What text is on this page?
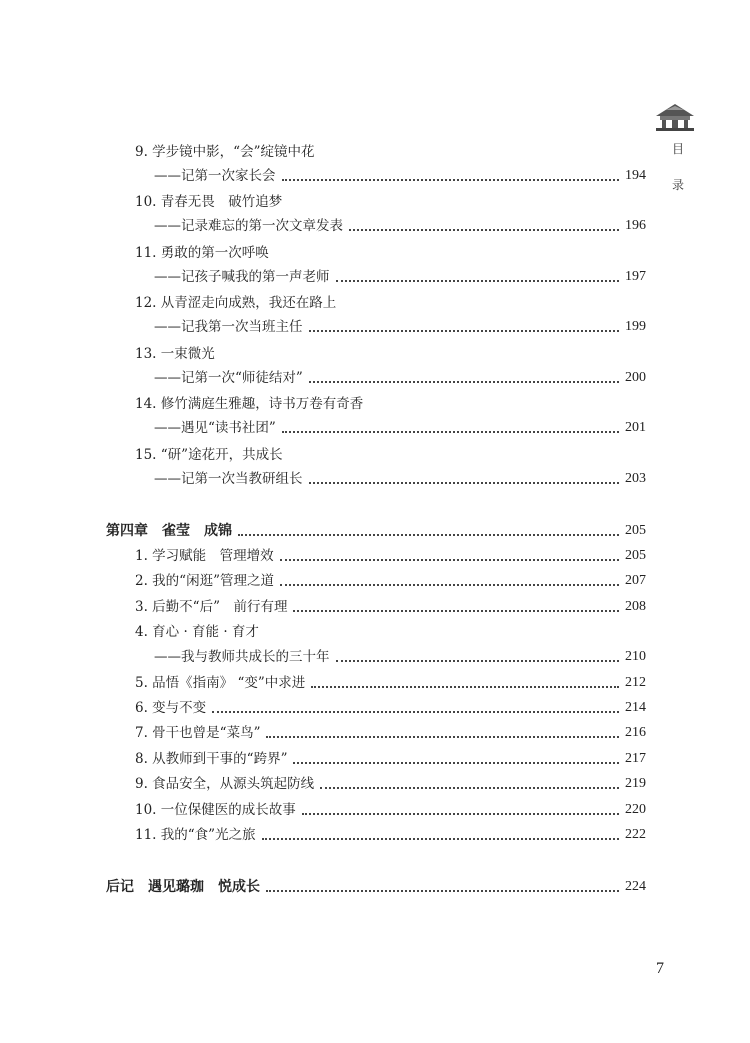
目
录
9. 学步镜中影，“会”绽镜中花
——记第一次家长会	194
10. 青春无畏　破竹追梦
——记录难忘的第一次文章发表	196
11. 勇敢的第一次呼唤
——记孩子喊我的第一声老师	197
12. 从青涩走向成熟，我还在路上
——记我第一次当班主任	199
13. 一束微光
——记第一次“师徒结对”	200
14. 修竹满庭生雅趣，诗书万卷有奇香
——遇见“读书社团”	201
15. “研”途花开，共成长
——记第一次当教研组长	203
第四章　雀莹　成锦	205
1. 学习赋能　管理增效	205
2. 我的“闲逛”管理之道	207
3. 后勤不“后”　前行有理	208
4. 育心 · 育能 · 育才
——我与教师共成长的三十年	210
5. 品悟《指南》 “变”中求进	212
6. 变与不变	214
7. 骨干也曾是“菜鸟”	216
8. 从教师到干事的“跨界”	217
9. 食品安全，从源头筑起防线	219
10. 一位保健医的成长故事	220
11. 我的“食”光之旅	222
后记　遇见璐珈　悦成长	224
7
